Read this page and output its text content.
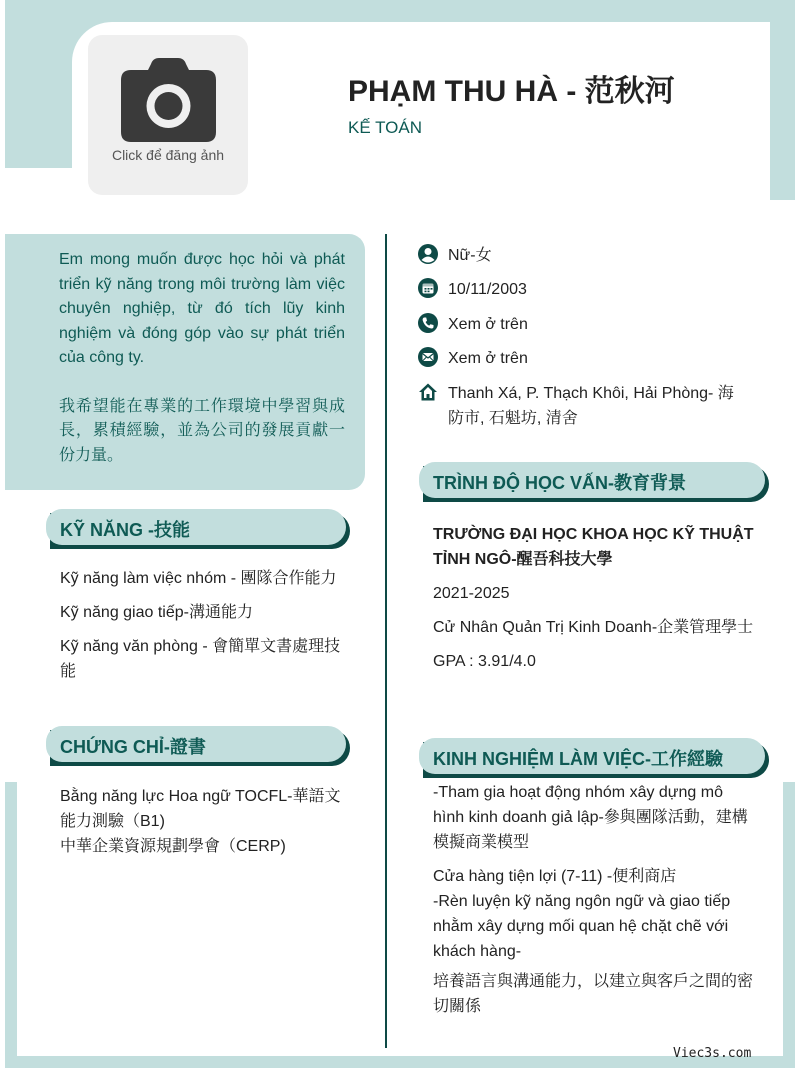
Click để đăng ảnh
PHẠM THU HÀ - 范秋河
KẾ TOÁN

Em mong muốn được học hỏi và phát triển kỹ năng trong môi trường làm việc chuyên nghiệp, từ đó tích lũy kinh nghiệm và đóng góp vào sự phát triển của công ty.

我希望能在專業的工作環境中學習與成長，累積經驗，並為公司的發展貢獻一份力量。

Nữ-女
10/11/2003
Xem ở trên
Xem ở trên
Thanh Xá, P. Thạch Khôi, Hải Phòng- 海防市, 石魁坊, 清舍
KỸ NĂNG -技能
Kỹ năng làm việc nhóm - 團隊合作能力
Kỹ năng giao tiếp-溝通能力
Kỹ năng văn phòng - 會簡單文書處理技能
CHỨNG CHỈ-證書
Bằng năng lực Hoa ngữ TOCFL-華語文能力測驗（B1)
中華企業資源規劃學會（CERP)
TRÌNH ĐỘ HỌC VẤN-教育背景
TRƯỜNG ĐẠI HỌC KHOA HỌC KỸ THUẬT TỈNH NGÔ-醒吾科技大學
2021-2025
Cử Nhân Quản Trị Kinh Doanh-企業管理學士
GPA : 3.91/4.0
KINH NGHIỆM LÀM VIỆC-工作經驗
-Tham gia hoạt động nhóm xây dựng mô hình kinh doanh giả lập-參與團隊活動，建構模擬商業模型
Cửa hàng tiện lợi (7-11) -便利商店
-Rèn luyện kỹ năng ngôn ngữ và giao tiếp nhằm xây dựng mối quan hệ chặt chẽ với khách hàng-
培養語言與溝通能力，以建立與客戶之間的密切關係
Viec3s.com
